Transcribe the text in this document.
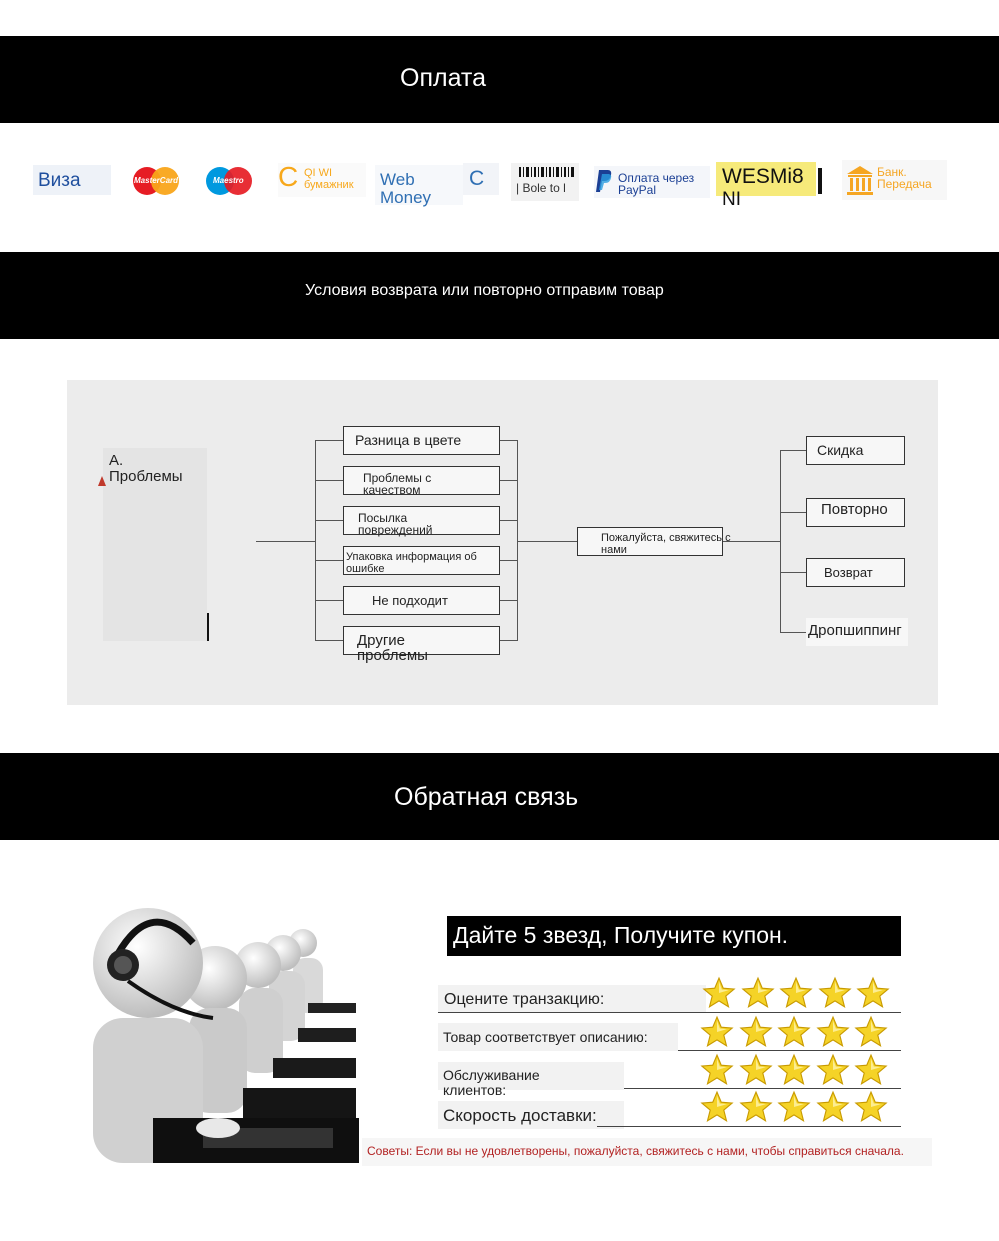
Оплата
Виза	MasterCard	Maestro C QI WI
бумажник Web
Money
C	| Bole to l
Оплата через
PayPal
WESMi8
NI
Банк.
Передача
Условия возврата или повторно отправим товар
A. Проблемы
Разница в цвете
Проблемы с качеством
Посылка повреждений
Упаковка информация об ошибке
Не подходит
Другие проблемы
Пожалуйста, свяжитесь с нами
Скидка
Повторно
Возврат
Дропшиппинг
Обратная связь
Дайте 5 звезд, Получите купон.
Оцените транзакцию:
Товар соответствует описанию:
Обслуживание клиентов:
Скорость доставки:
Советы: Если вы не удовлетворены, пожалуйста, свяжитесь с нами, чтобы справиться сначала.
